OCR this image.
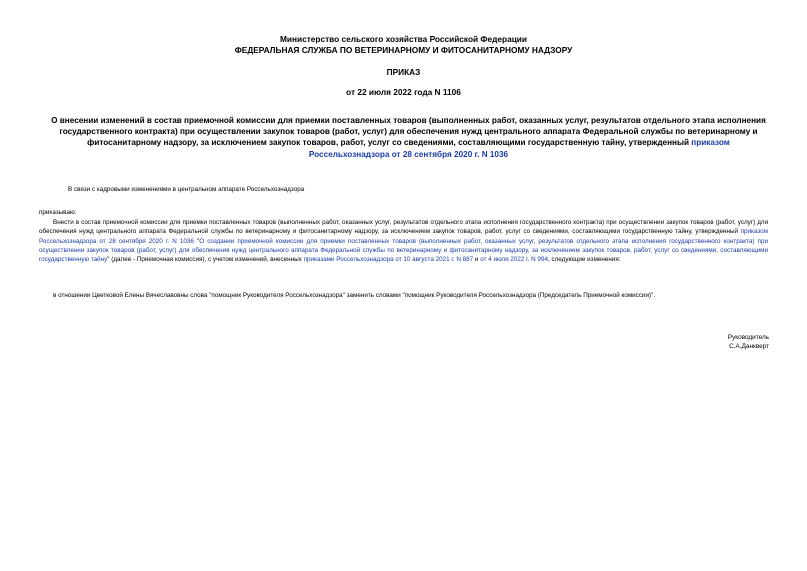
Министерство сельского хозяйства Российской Федерации
ФЕДЕРАЛЬНАЯ СЛУЖБА ПО ВЕТЕРИНАРНОМУ И ФИТОСАНИТАРНОМУ НАДЗОРУ
ПРИКАЗ
от 22 июля 2022 года N 1106
О внесении изменений в состав приемочной комиссии для приемки поставленных товаров (выполненных работ, оказанных услуг, результатов отдельного этапа исполнения государственного контракта) при осуществлении закупок товаров (работ, услуг) для обеспечения нужд центрального аппарата Федеральной службы по ветеринарному и фитосанитарному надзору, за исключением закупок товаров, работ, услуг со сведениями, составляющими государственную тайну, утвержденный приказом Россельхознадзора от 28 сентября 2020 г. N 1036
В связи с кадровыми изменениями в центральном аппарате Россельхознадзора
приказываю:
Внести в состав приемочной комиссии для приемки поставленных товаров (выполненных работ, оказанных услуг, результатов отдельного этапа исполнения государственного контракта) при осуществлении закупок товаров (работ, услуг) для обеспечения нужд центрального аппарата Федеральной службы по ветеринарному и фитосанитарному надзору, за исключением закупок товаров, работ, услуг со сведениями, составляющими государственную тайну, утвержденный приказом Россельхознадзора от 28 сентября 2020 г. N 1036 "О создании приемочной комиссии для приемки поставленных товаров (выполненных работ, оказанных услуг, результатов отдельного этапа исполнения государственного контракта) при осуществлении закупок товаров (работ, услуг) для обеспечения нужд центрального аппарата Федеральной службы по ветеринарному и фитосанитарному надзору, за исключением закупок товаров, работ, услуг со сведениями, составляющими государственную тайну" (далее - Приемочная комиссия), с учетом изменений, внесенных приказами Россельхознадзора от 10 августа 2021 г. N 887 и от 4 июля 2022 г. N 994, следующие изменения:
в отношении Цветковой Елены Вячеславовны слова "помощник Руководителя Россельхознадзора" заменить словами "помощник Руководителя Россельхознадзора (Председатель Приемочной комиссии)".
Руководитель
С.А.Данкверт
